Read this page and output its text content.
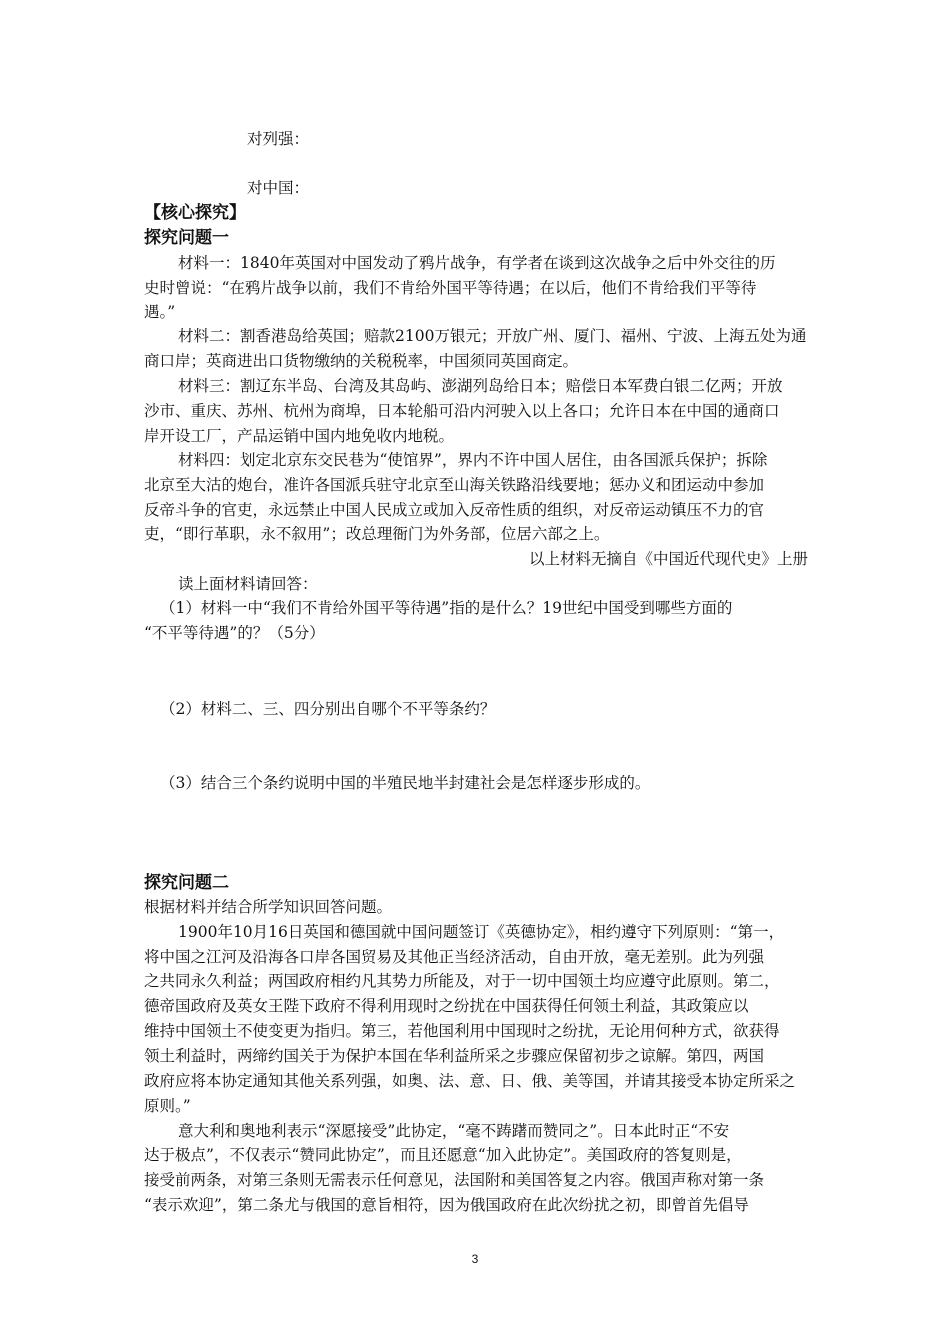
对列强：
对中国：
【核心探究】
探究问题一
材料一：1840年英国对中国发动了鸦片战争，有学者在谈到这次战争之后中外交往的历
史时曾说：“在鸦片战争以前，我们不肯给外国平等待遇；在以后，他们不肯给我们平等待
遇。”
材料二：割香港岛给英国；赔款2100万银元；开放广州、厦门、福州、宁波、上海五处为通
商口岸；英商进出口货物缴纳的关税税率，中国须同英国商定。
材料三：割辽东半岛、台湾及其岛屿、澎湖列岛给日本；赔偿日本军费白银二亿两；开放
沙市、重庆、苏州、杭州为商埠，日本轮船可沿内河驶入以上各口；允许日本在中国的通商口
岸开设工厂，产品运销中国内地免收内地税。
材料四：划定北京东交民巷为“使馆界”，界内不许中国人居住，由各国派兵保护；拆除
北京至大沽的炮台，准许各国派兵驻守北京至山海关铁路沿线要地；惩办义和团运动中参加
反帝斗争的官吏，永远禁止中国人民成立或加入反帝性质的组织，对反帝运动镇压不力的官
吏，“即行革职，永不叙用”；改总理衙门为外务部，位居六部之上。
以上材料无摘自《中国近代现代史》上册
读上面材料请回答：
（1）材料一中“我们不肯给外国平等待遇”指的是什么？19世纪中国受到哪些方面的
“不平等待遇”的？（5分）
（2）材料二、三、四分别出自哪个不平等条约？
（3）结合三个条约说明中国的半殖民地半封建社会是怎样逐步形成的。
探究问题二
根据材料并结合所学知识回答问题。
1900年10月16日英国和德国就中国问题签订《英德协定》，相约遵守下列原则：“第一，
将中国之江河及沿海各口岸各国贸易及其他正当经济活动，自由开放，毫无差别。此为列强
之共同永久利益；两国政府相约凡其势力所能及，对于一切中国领土均应遵守此原则。第二，
德帝国政府及英女王陛下政府不得利用现时之纷扰在中国获得任何领土利益，其政策应以
维持中国领土不使变更为指归。第三，若他国利用中国现时之纷扰，无论用何种方式，欲获得
领土利益时，两缔约国关于为保护本国在华利益所采之步骤应保留初步之谅解。第四，两国
政府应将本协定通知其他关系列强，如奥、法、意、日、俄、美等国，并请其接受本协定所采之
原则。”
意大利和奥地利表示“深愿接受”此协定，“毫不踌躇而赞同之”。日本此时正“不安
达于极点”，不仅表示“赞同此协定”，而且还愿意“加入此协定”。美国政府的答复则是，
接受前两条，对第三条则无需表示任何意见，法国附和美国答复之内容。俄国声称对第一条
“表示欢迎”，第二条尤与俄国的意旨相符，因为俄国政府在此次纷扰之初，即曾首先倡导
3
